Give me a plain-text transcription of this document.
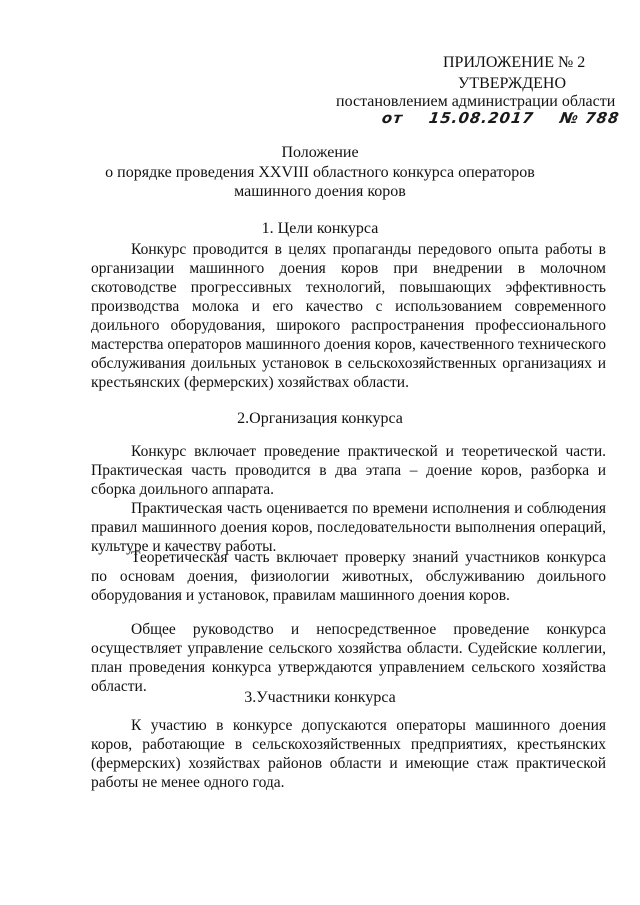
ПРИЛОЖЕНИЕ № 2
УТВЕРЖДЕНО
постановлением администрации области
от 15.08.2017 № 788
Положение
о порядке проведения XXVIII областного конкурса операторов
машинного доения коров
1. Цели конкурса

Конкурс проводится в целях пропаганды передового опыта работы в организации машинного доения коров при внедрении в молочном скотоводстве прогрессивных технологий, повышающих эффективность производства молока и его качество с использованием современного доильного оборудования, широкого распространения профессионального мастерства операторов машинного доения коров, качественного технического обслуживания доильных установок в сельскохозяйственных организациях и крестьянских (фермерских) хозяйствах области.

2.Организация конкурса

Конкурс включает проведение практической и теоретической части. Практическая часть проводится в два этапа – доение коров, разборка и сборка доильного аппарата.

Практическая часть оценивается по времени исполнения и соблюдения правил машинного доения коров, последовательности выполнения операций, культуре и качеству работы.

Теоретическая часть включает проверку знаний участников конкурса по основам доения, физиологии животных, обслуживанию доильного оборудования и установок, правилам машинного доения коров.

Общее руководство и непосредственное проведение конкурса осуществляет управление сельского хозяйства области. Судейские коллегии, план проведения конкурса утверждаются управлением сельского хозяйства области.

3.Участники конкурса

К участию в конкурсе допускаются операторы машинного доения коров, работающие в сельскохозяйственных предприятиях, крестьянских (фермерских) хозяйствах районов области и имеющие стаж практической работы не менее одного года.
